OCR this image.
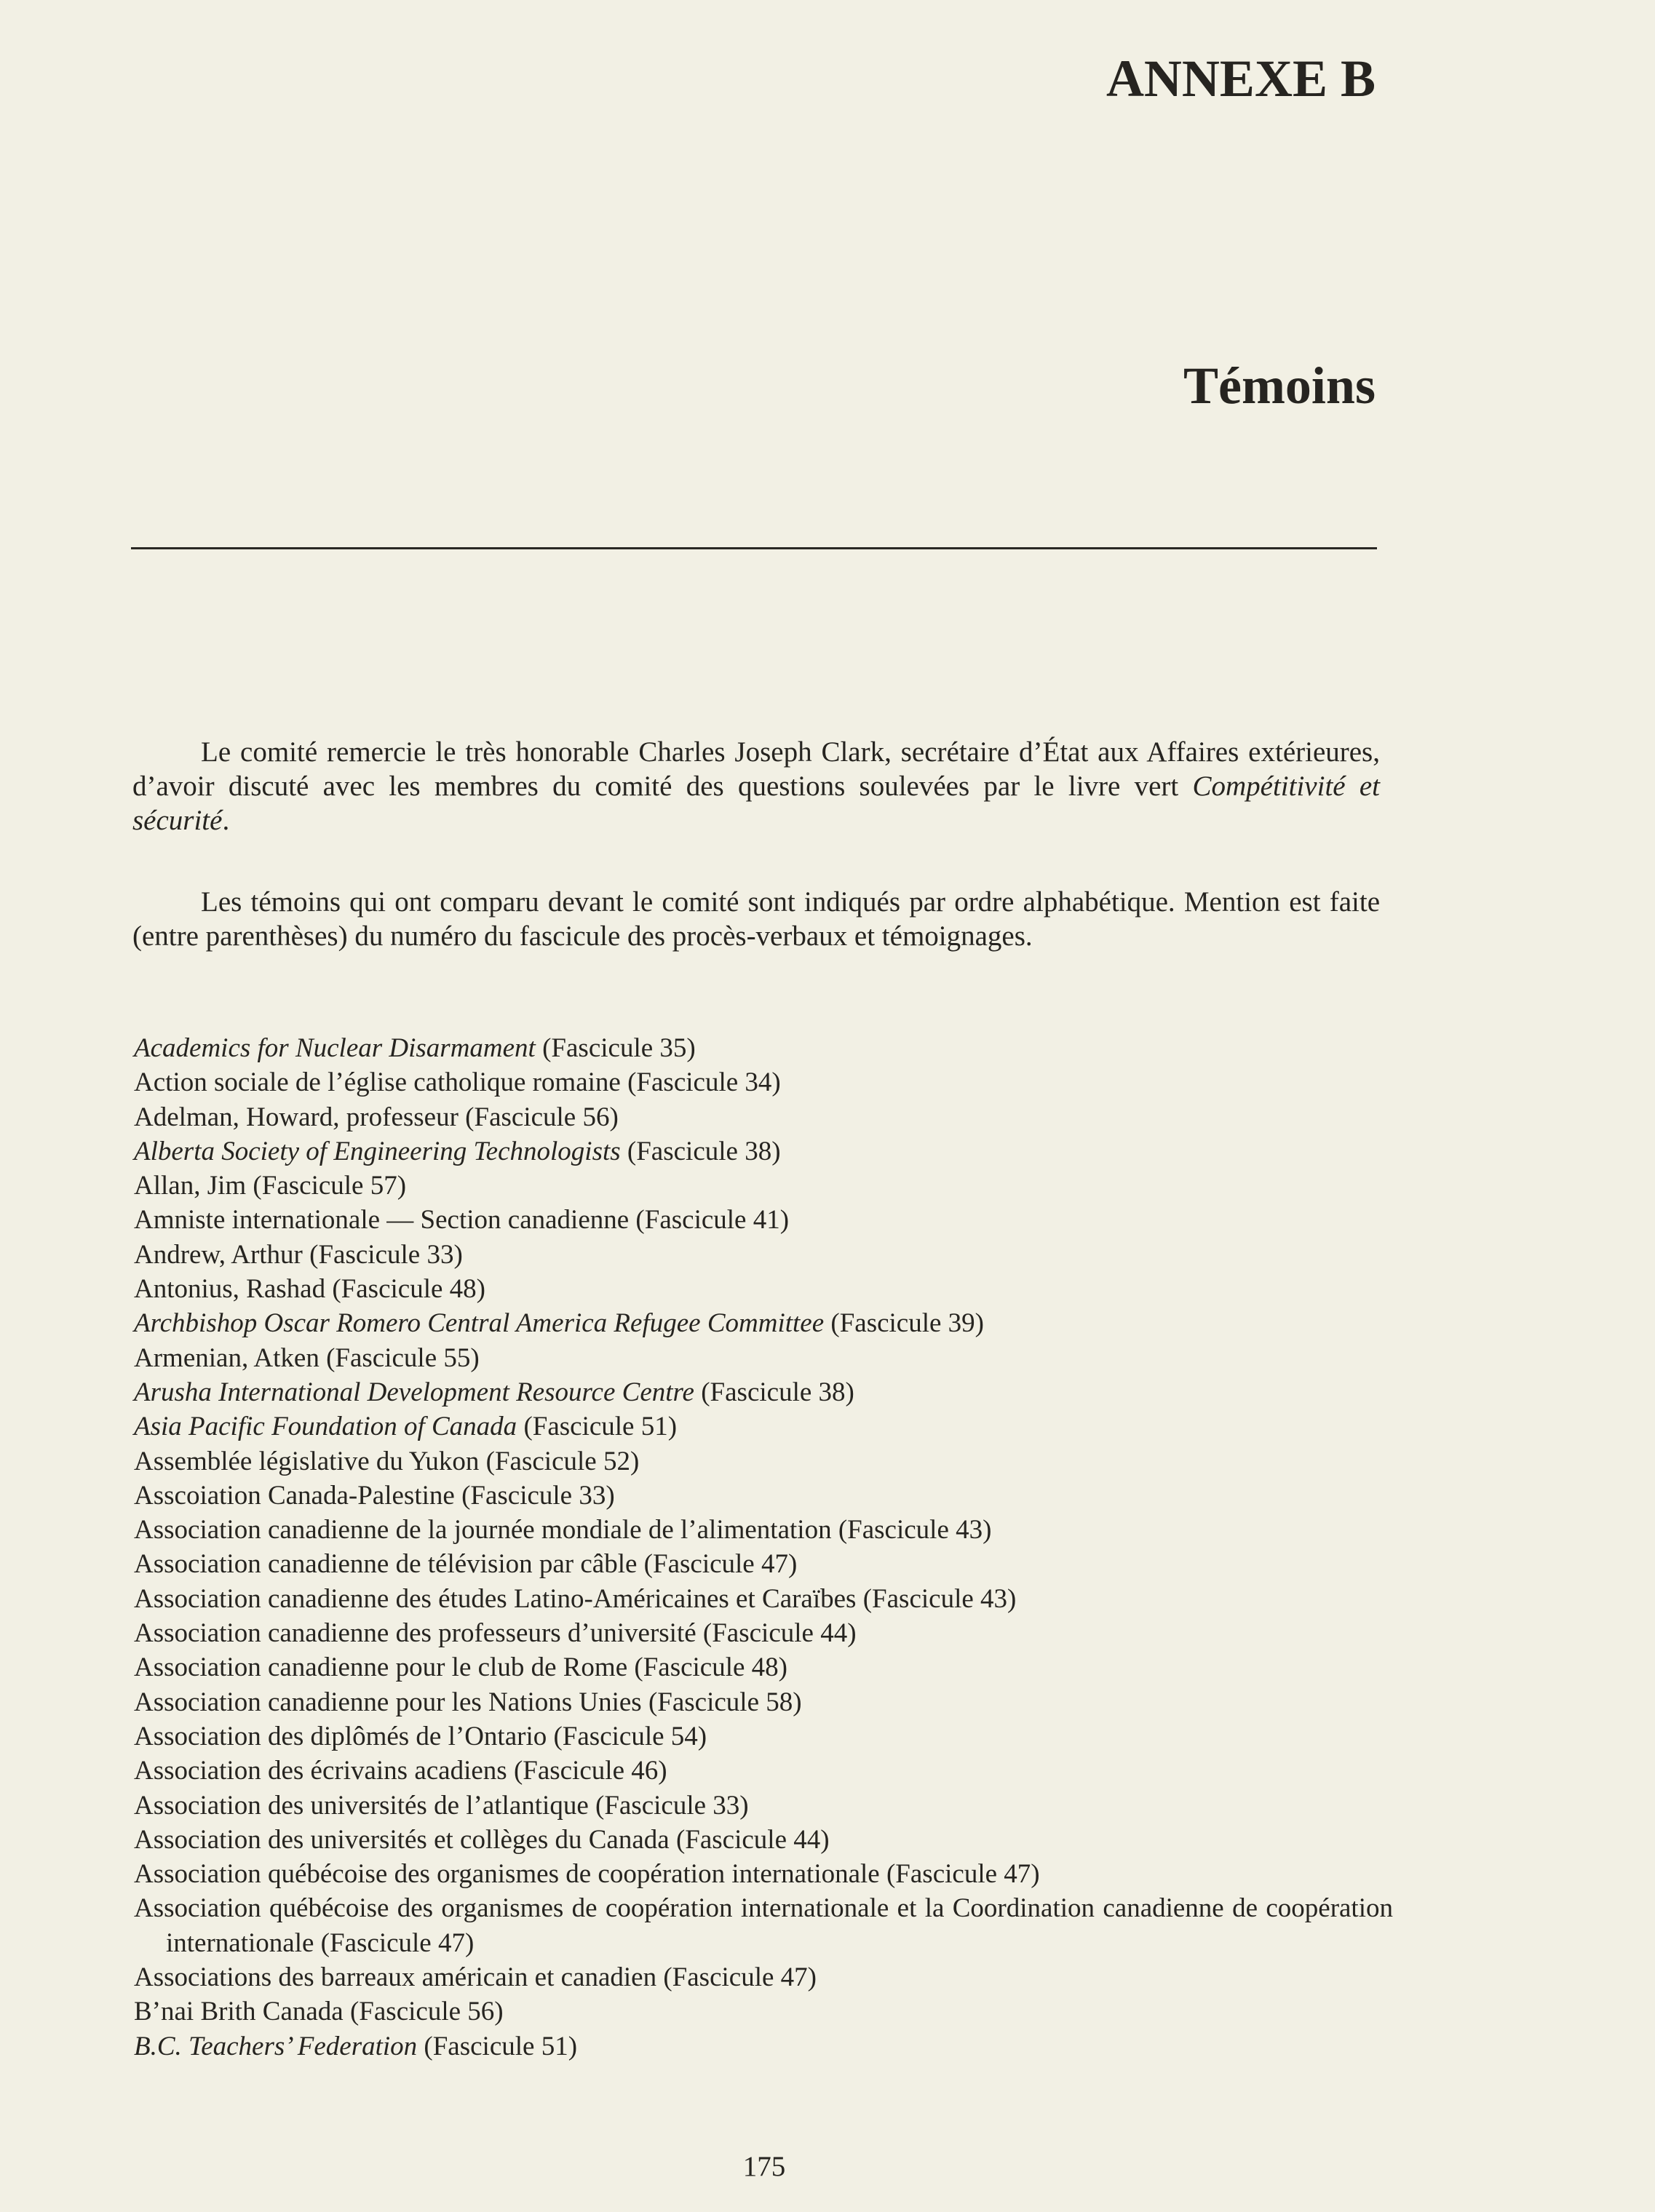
ANNEXE B
Témoins

Le comité remercie le très honorable Charles Joseph Clark, secrétaire d’État aux Affaires extérieures, d’avoir discuté avec les membres du comité des questions soulevées par le livre vert Compétitivité et sécurité.

Les témoins qui ont comparu devant le comité sont indiqués par ordre alphabétique. Mention est faite (entre parenthèses) du numéro du fascicule des procès-verbaux et témoignages.

Academics for Nuclear Disarmament (Fascicule 35)
Action sociale de l’église catholique romaine (Fascicule 34)
Adelman, Howard, professeur (Fascicule 56)
Alberta Society of Engineering Technologists (Fascicule 38)
Allan, Jim (Fascicule 57)
Amniste internationale — Section canadienne (Fascicule 41)
Andrew, Arthur (Fascicule 33)
Antonius, Rashad (Fascicule 48)
Archbishop Oscar Romero Central America Refugee Committee (Fascicule 39)
Armenian, Atken (Fascicule 55)
Arusha International Development Resource Centre (Fascicule 38)
Asia Pacific Foundation of Canada (Fascicule 51)
Assemblée législative du Yukon (Fascicule 52)
Asscoiation Canada-Palestine (Fascicule 33)
Association canadienne de la journée mondiale de l’alimentation (Fascicule 43)
Association canadienne de télévision par câble (Fascicule 47)
Association canadienne des études Latino-Américaines et Caraïbes (Fascicule 43)
Association canadienne des professeurs d’université (Fascicule 44)
Association canadienne pour le club de Rome (Fascicule 48)
Association canadienne pour les Nations Unies (Fascicule 58)
Association des diplômés de l’Ontario (Fascicule 54)
Association des écrivains acadiens (Fascicule 46)
Association des universités de l’atlantique (Fascicule 33)
Association des universités et collèges du Canada (Fascicule 44)
Association québécoise des organismes de coopération internationale (Fascicule 47)
Association québécoise des organismes de coopération internationale et la Coordination canadienne de coopération internationale (Fascicule 47)
Associations des barreaux américain et canadien (Fascicule 47)
B’nai Brith Canada (Fascicule 56)
B.C. Teachers’ Federation (Fascicule 51)

175
